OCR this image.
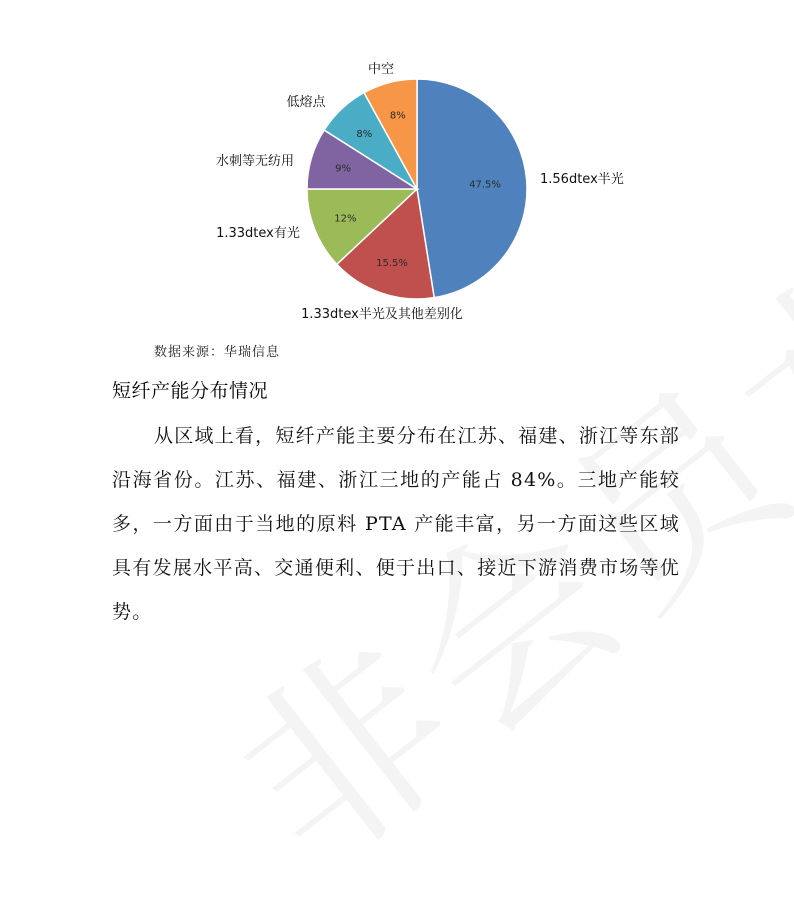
47.5%	1.56dtex半光
15.5%
1.33dtex半光及其他差别化
12%
1.33dtex有光
9%
水刺等无纺用
8%
低熔点
8%
中空
数据来源：华瑞信息
短纤产能分布情况
从区域上看，短纤产能主要分布在江苏、福建、浙江等东部沿海省份。江苏、福建、浙江三地的产能占 84%。三地产能较多，一方面由于当地的原料 PTA 产能丰富，另一方面这些区域具有发展水平高、交通便利、便于出口、接近下游消费市场等优势。
